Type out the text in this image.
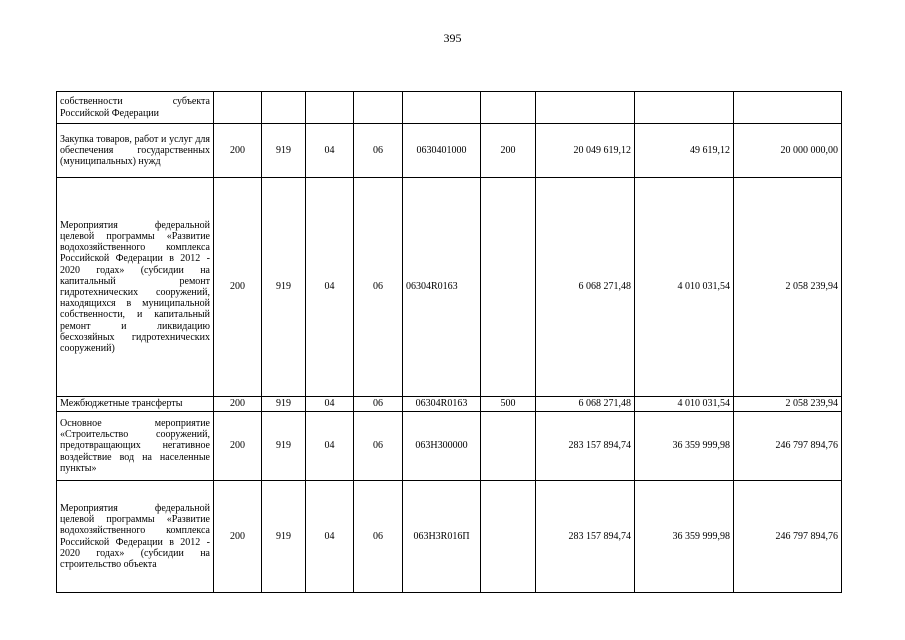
395
собственности субъекта Российской Федерации									
Закупка товаров, работ и услуг для обеспечения государственных (муниципальных) нужд	200	919	04	06	0630401000	200	20 049 619,12	49 619,12	20 000 000,00
Мероприятия федеральной целевой программы «Развитие водохозяйственного комплекса Российской Федерации в 2012 - 2020 годах» (субсидии на капитальный ремонт гидротехнических сооружений, находящихся в муниципальной собственности, и капитальный ремонт и ликвидацию бесхозяйных гидротехнических сооружений)	200	919	04	06	06304R0163		6 068 271,48	4 010 031,54	2 058 239,94
Межбюджетные трансферты	200	919	04	06	06304R0163	500	6 068 271,48	4 010 031,54	2 058 239,94
Основное мероприятие «Строительство сооружений, предотвращающих негативное воздействие вод на населенные пункты»	200	919	04	06	063Н300000		283 157 894,74	36 359 999,98	246 797 894,76
Мероприятия федеральной целевой программы «Развитие водохозяйственного комплекса Российской Федерации в 2012 - 2020 годах» (субсидии на строительство объекта	200	919	04	06	063Н3R016П		283 157 894,74	36 359 999,98	246 797 894,76
